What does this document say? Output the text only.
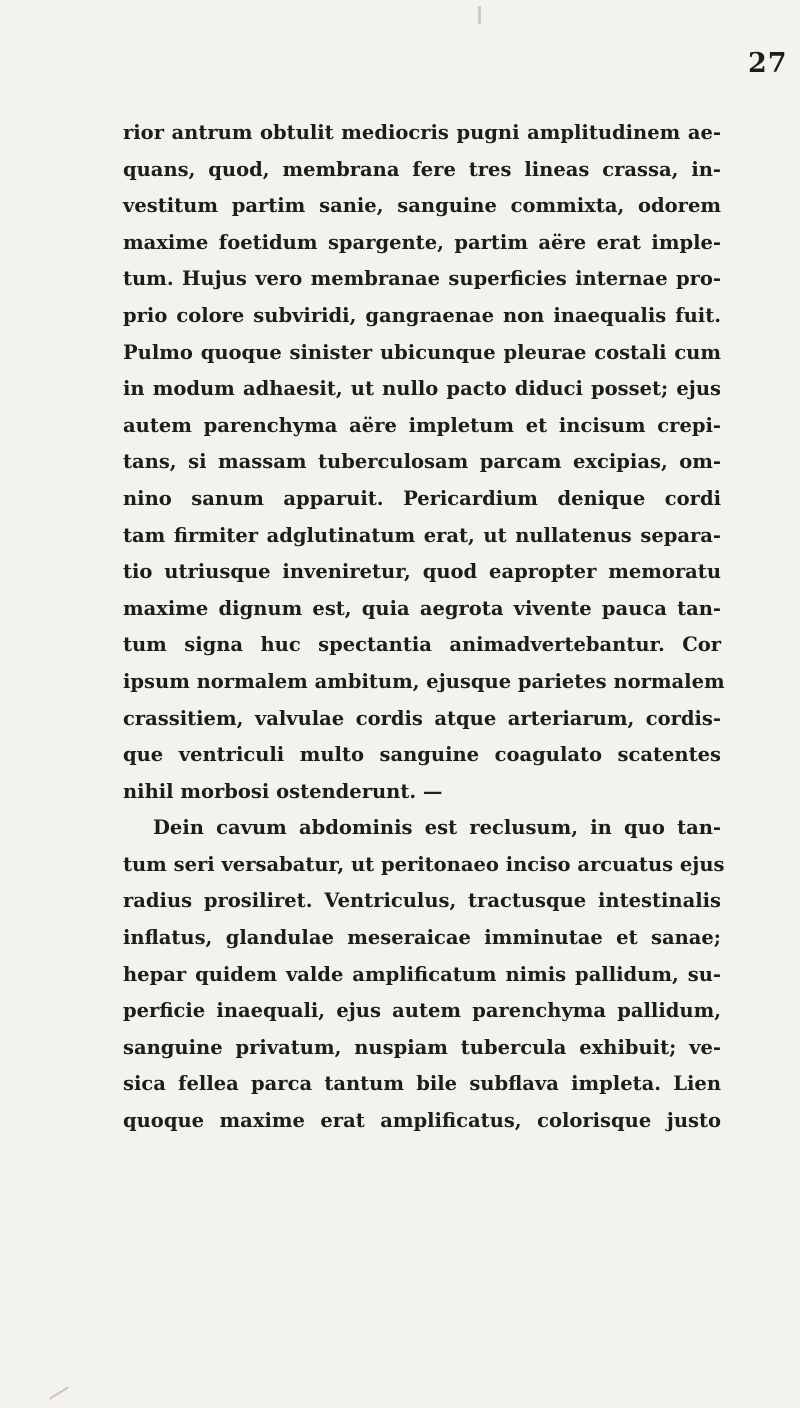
27
rior antrum obtulit mediocris pugni amplitudinem ae-
quans, quod, membrana fere tres lineas crassa, in-
vestitum partim sanie, sanguine commixta, odorem
maxime foetidum spargente, partim aëre erat imple-
tum. Hujus vero membranae superficies internae pro-
prio colore subviridi, gangraenae non inaequalis fuit.
Pulmo quoque sinister ubicunque pleurae costali cum
in modum adhaesit, ut nullo pacto diduci posset; ejus
autem parenchyma aëre impletum et incisum crepi-
tans, si massam tuberculosam parcam excipias, om-
nino sanum apparuit. Pericardium denique cordi
tam firmiter adglutinatum erat, ut nullatenus separa-
tio utriusque inveniretur, quod eapropter memoratu
maxime dignum est, quia aegrota vivente pauca tan-
tum signa huc spectantia animadvertebantur. Cor
ipsum normalem ambitum, ejusque parietes normalem
crassitiem, valvulae cordis atque arteriarum, cordis-
que ventriculi multo sanguine coagulato scatentes
nihil morbosi ostenderunt. —
Dein cavum abdominis est reclusum, in quo tan-
tum seri versabatur, ut peritonaeo inciso arcuatus ejus
radius prosiliret. Ventriculus, tractusque intestinalis
inflatus, glandulae meseraicae imminutae et sanae;
hepar quidem valde amplificatum nimis pallidum, su-
perficie inaequali, ejus autem parenchyma pallidum,
sanguine privatum, nuspiam tubercula exhibuit; ve-
sica fellea parca tantum bile subflava impleta. Lien
quoque maxime erat amplificatus, colorisque justo
